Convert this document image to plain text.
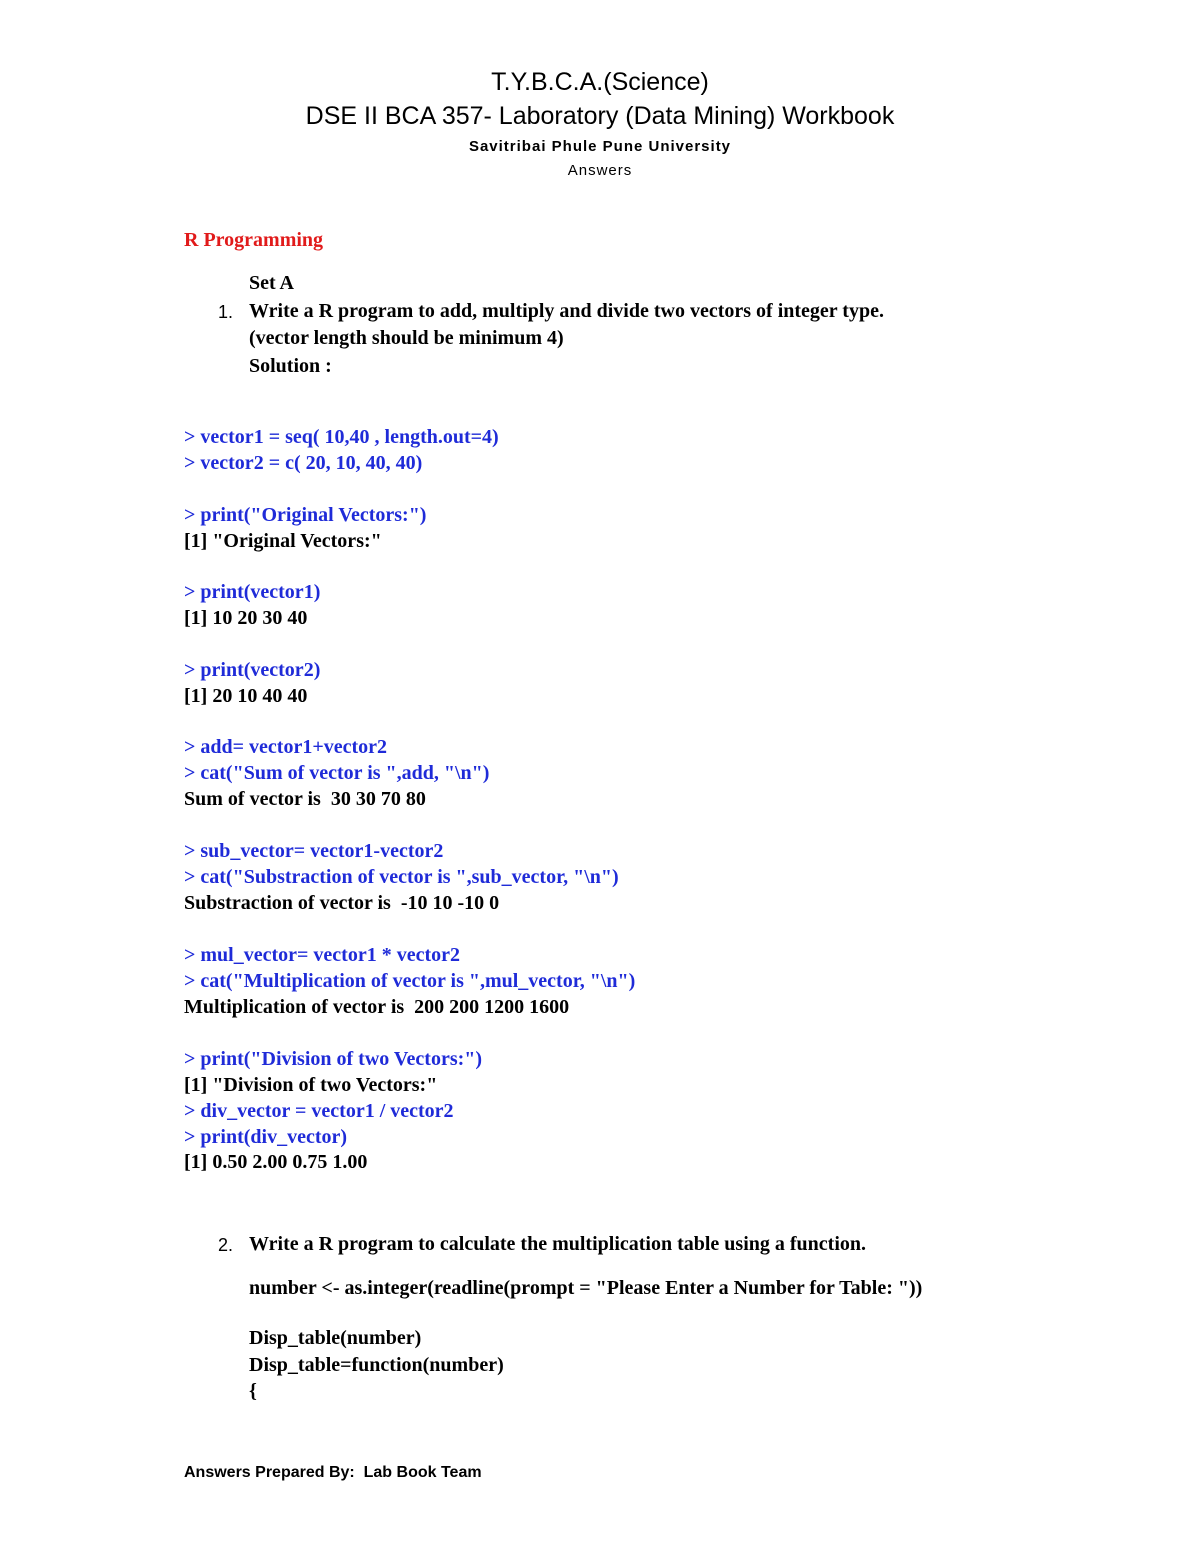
T.Y.B.C.A.(Science)
DSE II BCA 357- Laboratory (Data Mining) Workbook
Savitribai Phule Pune University
Answers
R Programming
Set A
1. Write a R program to add, multiply and divide two vectors of integer type.
(vector length should be minimum 4)
Solution :
> vector1 = seq( 10,40 , length.out=4)
> vector2 = c( 20, 10, 40, 40)
> print("Original Vectors:")
[1] "Original Vectors:"
> print(vector1)
[1] 10 20 30 40
> print(vector2)
[1] 20 10 40 40
> add= vector1+vector2
> cat("Sum of vector is ",add, "\n")
Sum of vector is  30 30 70 80
> sub_vector= vector1-vector2
> cat("Substraction of vector is ",sub_vector, "\n")
Substraction of vector is  -10 10 -10 0
> mul_vector= vector1 * vector2
> cat("Multiplication of vector is ",mul_vector, "\n")
Multiplication of vector is  200 200 1200 1600
> print("Division of two Vectors:")
[1] "Division of two Vectors:"
> div_vector = vector1 / vector2
> print(div_vector)
[1] 0.50 2.00 0.75 1.00
2. Write a R program to calculate the multiplication table using a function.
number <- as.integer(readline(prompt = "Please Enter a Number for Table: "))
Disp_table(number)
Disp_table=function(number)
{
Answers Prepared By:  Lab Book Team
